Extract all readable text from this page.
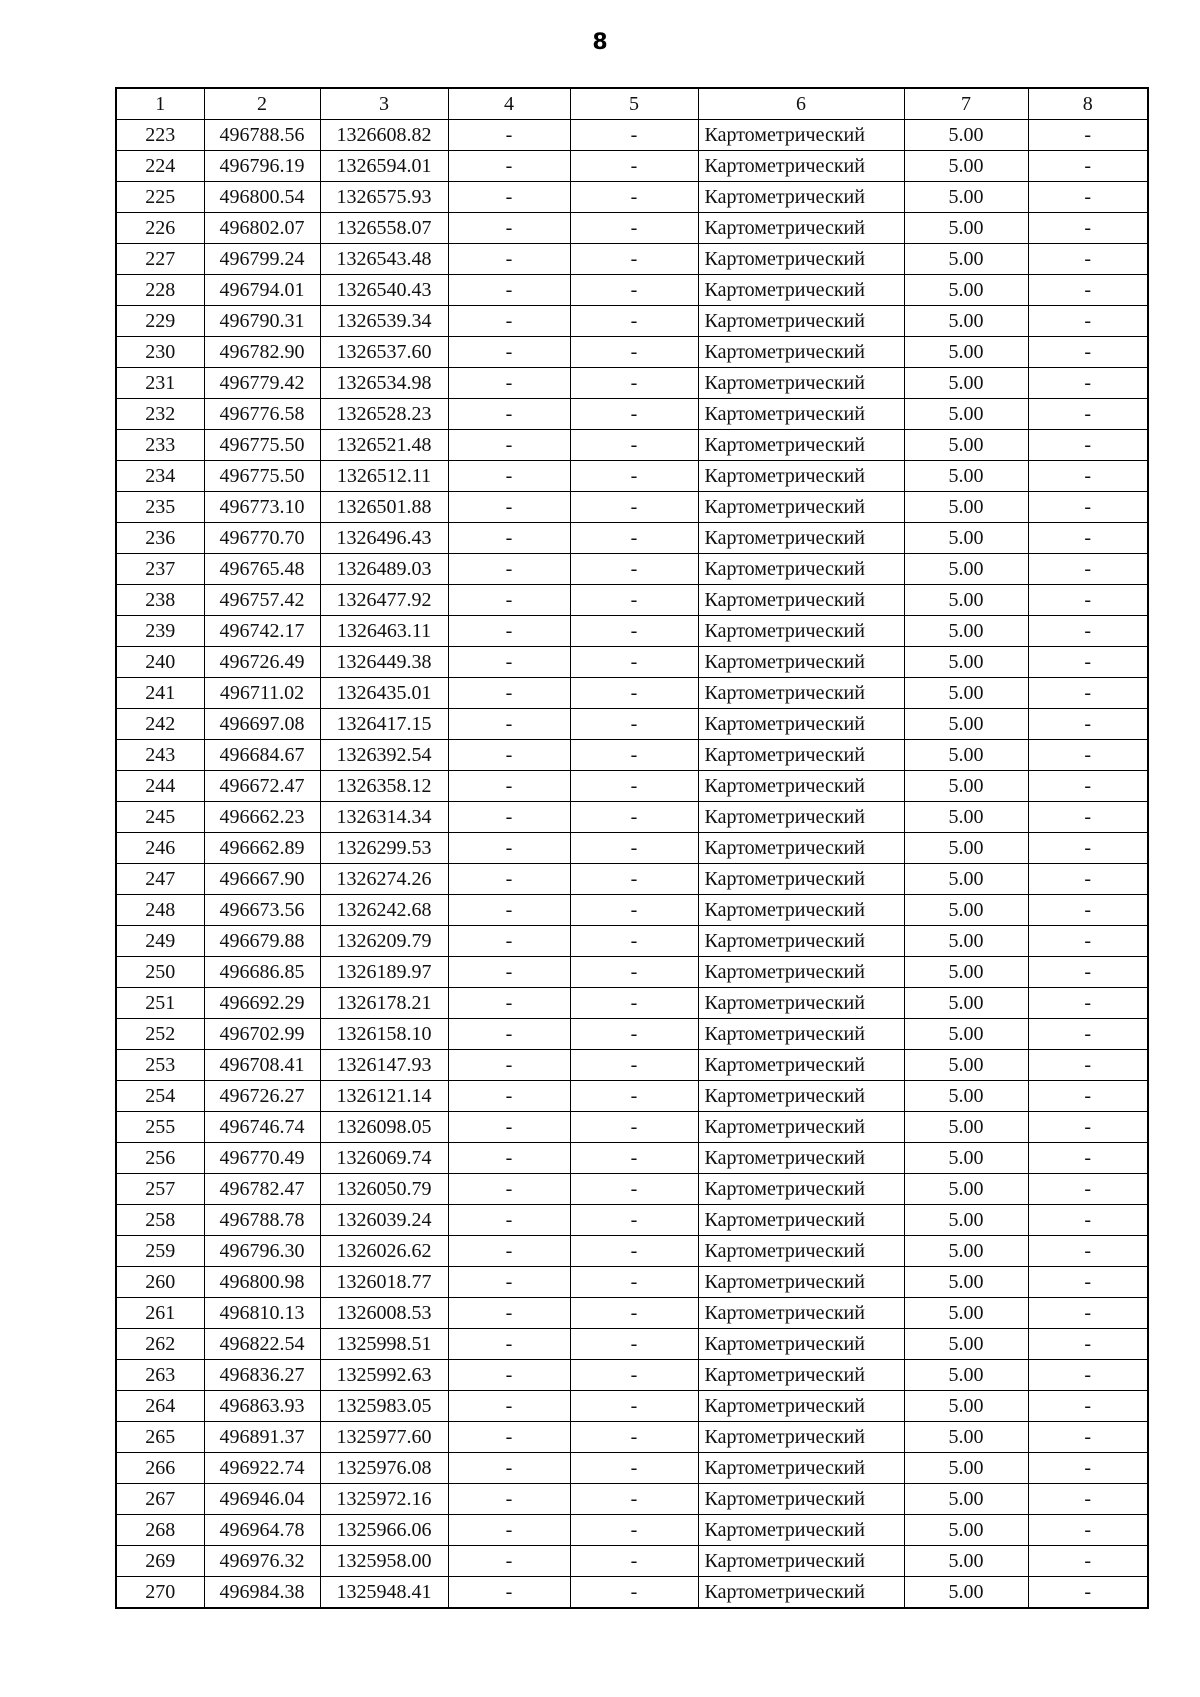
8
1	2	3	4	5	6	7	8
223	496788.56	1326608.82	-	-	Картометрический	5.00	-
224	496796.19	1326594.01	-	-	Картометрический	5.00	-
225	496800.54	1326575.93	-	-	Картометрический	5.00	-
226	496802.07	1326558.07	-	-	Картометрический	5.00	-
227	496799.24	1326543.48	-	-	Картометрический	5.00	-
228	496794.01	1326540.43	-	-	Картометрический	5.00	-
229	496790.31	1326539.34	-	-	Картометрический	5.00	-
230	496782.90	1326537.60	-	-	Картометрический	5.00	-
231	496779.42	1326534.98	-	-	Картометрический	5.00	-
232	496776.58	1326528.23	-	-	Картометрический	5.00	-
233	496775.50	1326521.48	-	-	Картометрический	5.00	-
234	496775.50	1326512.11	-	-	Картометрический	5.00	-
235	496773.10	1326501.88	-	-	Картометрический	5.00	-
236	496770.70	1326496.43	-	-	Картометрический	5.00	-
237	496765.48	1326489.03	-	-	Картометрический	5.00	-
238	496757.42	1326477.92	-	-	Картометрический	5.00	-
239	496742.17	1326463.11	-	-	Картометрический	5.00	-
240	496726.49	1326449.38	-	-	Картометрический	5.00	-
241	496711.02	1326435.01	-	-	Картометрический	5.00	-
242	496697.08	1326417.15	-	-	Картометрический	5.00	-
243	496684.67	1326392.54	-	-	Картометрический	5.00	-
244	496672.47	1326358.12	-	-	Картометрический	5.00	-
245	496662.23	1326314.34	-	-	Картометрический	5.00	-
246	496662.89	1326299.53	-	-	Картометрический	5.00	-
247	496667.90	1326274.26	-	-	Картометрический	5.00	-
248	496673.56	1326242.68	-	-	Картометрический	5.00	-
249	496679.88	1326209.79	-	-	Картометрический	5.00	-
250	496686.85	1326189.97	-	-	Картометрический	5.00	-
251	496692.29	1326178.21	-	-	Картометрический	5.00	-
252	496702.99	1326158.10	-	-	Картометрический	5.00	-
253	496708.41	1326147.93	-	-	Картометрический	5.00	-
254	496726.27	1326121.14	-	-	Картометрический	5.00	-
255	496746.74	1326098.05	-	-	Картометрический	5.00	-
256	496770.49	1326069.74	-	-	Картометрический	5.00	-
257	496782.47	1326050.79	-	-	Картометрический	5.00	-
258	496788.78	1326039.24	-	-	Картометрический	5.00	-
259	496796.30	1326026.62	-	-	Картометрический	5.00	-
260	496800.98	1326018.77	-	-	Картометрический	5.00	-
261	496810.13	1326008.53	-	-	Картометрический	5.00	-
262	496822.54	1325998.51	-	-	Картометрический	5.00	-
263	496836.27	1325992.63	-	-	Картометрический	5.00	-
264	496863.93	1325983.05	-	-	Картометрический	5.00	-
265	496891.37	1325977.60	-	-	Картометрический	5.00	-
266	496922.74	1325976.08	-	-	Картометрический	5.00	-
267	496946.04	1325972.16	-	-	Картометрический	5.00	-
268	496964.78	1325966.06	-	-	Картометрический	5.00	-
269	496976.32	1325958.00	-	-	Картометрический	5.00	-
270	496984.38	1325948.41	-	-	Картометрический	5.00	-
